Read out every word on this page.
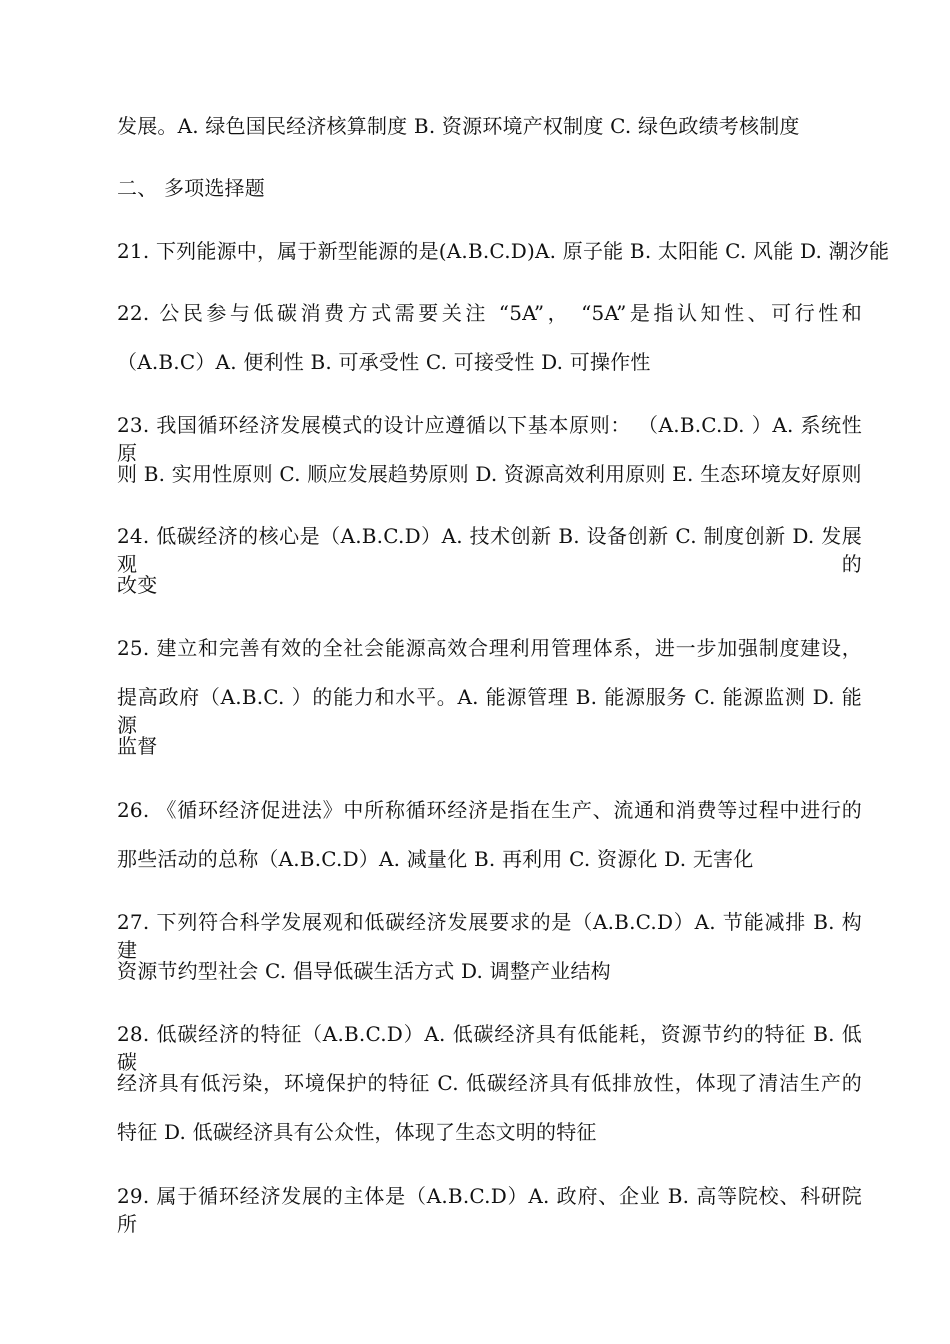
发展。A. 绿色国民经济核算制度 B. 资源环境产权制度 C. 绿色政绩考核制度
二、 多项选择题
21. 下列能源中，属于新型能源的是(A.B.C.D)A. 原子能 B. 太阳能 C. 风能 D. 潮汐能
22. 公民参与低碳消费方式需要关注 “5A”， “5A”是指认知性、可行性和
（A.B.C）A. 便利性 B. 可承受性 C. 可接受性 D. 可操作性
23. 我国循环经济发展模式的设计应遵循以下基本原则： （A.B.C.D. ）A. 系统性原
则 B. 实用性原则 C. 顺应发展趋势原则 D. 资源高效利用原则 E. 生态环境友好原则
24. 低碳经济的核心是（A.B.C.D）A. 技术创新 B. 设备创新 C. 制度创新 D. 发展观的
改变
25. 建立和完善有效的全社会能源高效合理利用管理体系，进一步加强制度建设，
提高政府（A.B.C. ）的能力和水平。A. 能源管理 B. 能源服务 C. 能源监测 D. 能源
监督
26. 《循环经济促进法》中所称循环经济是指在生产、流通和消费等过程中进行的
那些活动的总称（A.B.C.D）A. 减量化 B. 再利用 C. 资源化 D. 无害化
27. 下列符合科学发展观和低碳经济发展要求的是（A.B.C.D）A. 节能减排 B. 构建
资源节约型社会 C. 倡导低碳生活方式 D. 调整产业结构
28. 低碳经济的特征（A.B.C.D）A. 低碳经济具有低能耗，资源节约的特征 B. 低碳
经济具有低污染，环境保护的特征 C. 低碳经济具有低排放性，体现了清洁生产的
特征 D. 低碳经济具有公众性，体现了生态文明的特征
29. 属于循环经济发展的主体是（A.B.C.D）A. 政府、企业 B. 高等院校、科研院所
